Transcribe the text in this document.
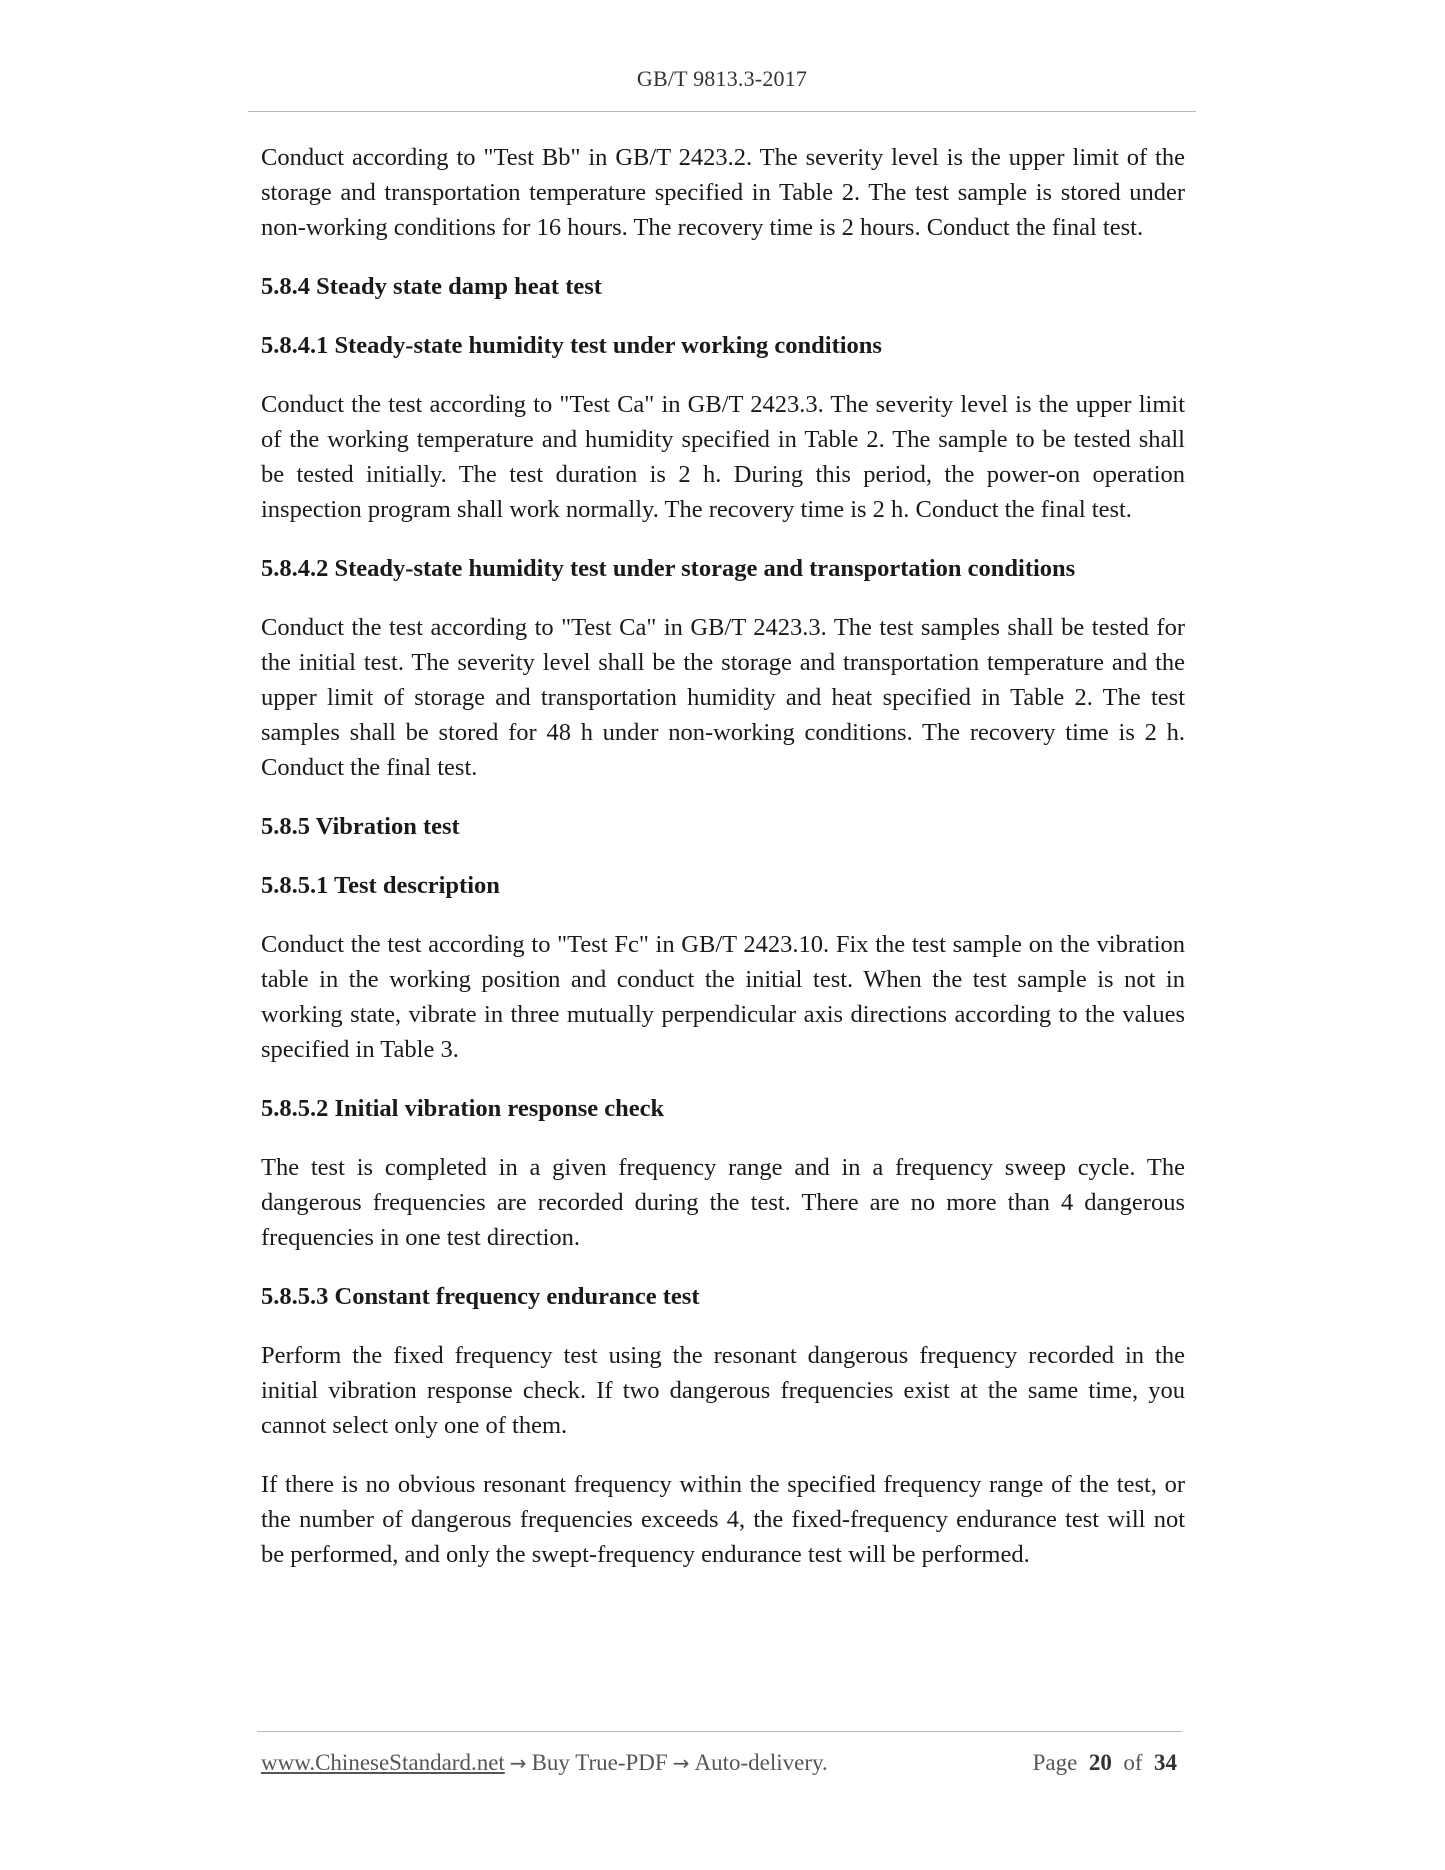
GB/T 9813.3-2017

Conduct according to "Test Bb" in GB/T 2423.2. The severity level is the upper limit of the storage and transportation temperature specified in Table 2. The test sample is stored under non-working conditions for 16 hours. The recovery time is 2 hours. Conduct the final test.

5.8.4 Steady state damp heat test
5.8.4.1 Steady-state humidity test under working conditions

Conduct the test according to "Test Ca" in GB/T 2423.3. The severity level is the upper limit of the working temperature and humidity specified in Table 2. The sample to be tested shall be tested initially. The test duration is 2 h. During this period, the power-on operation inspection program shall work normally. The recovery time is 2 h. Conduct the final test.

5.8.4.2 Steady-state humidity test under storage and transportation conditions

Conduct the test according to "Test Ca" in GB/T 2423.3. The test samples shall be tested for the initial test. The severity level shall be the storage and transportation temperature and the upper limit of storage and transportation humidity and heat specified in Table 2. The test samples shall be stored for 48 h under non-working conditions. The recovery time is 2 h. Conduct the final test.

5.8.5 Vibration test
5.8.5.1 Test description

Conduct the test according to "Test Fc" in GB/T 2423.10. Fix the test sample on the vibration table in the working position and conduct the initial test. When the test sample is not in working state, vibrate in three mutually perpendicular axis directions according to the values specified in Table 3.

5.8.5.2 Initial vibration response check

The test is completed in a given frequency range and in a frequency sweep cycle. The dangerous frequencies are recorded during the test. There are no more than 4 dangerous frequencies in one test direction.

5.8.5.3 Constant frequency endurance test

Perform the fixed frequency test using the resonant dangerous frequency recorded in the initial vibration response check. If two dangerous frequencies exist at the same time, you cannot select only one of them.

If there is no obvious resonant frequency within the specified frequency range of the test, or the number of dangerous frequencies exceeds 4, the fixed-frequency endurance test will not be performed, and only the swept-frequency endurance test will be performed.

www.ChineseStandard.net → Buy True-PDF → Auto-delivery.	Page 20 of 34
